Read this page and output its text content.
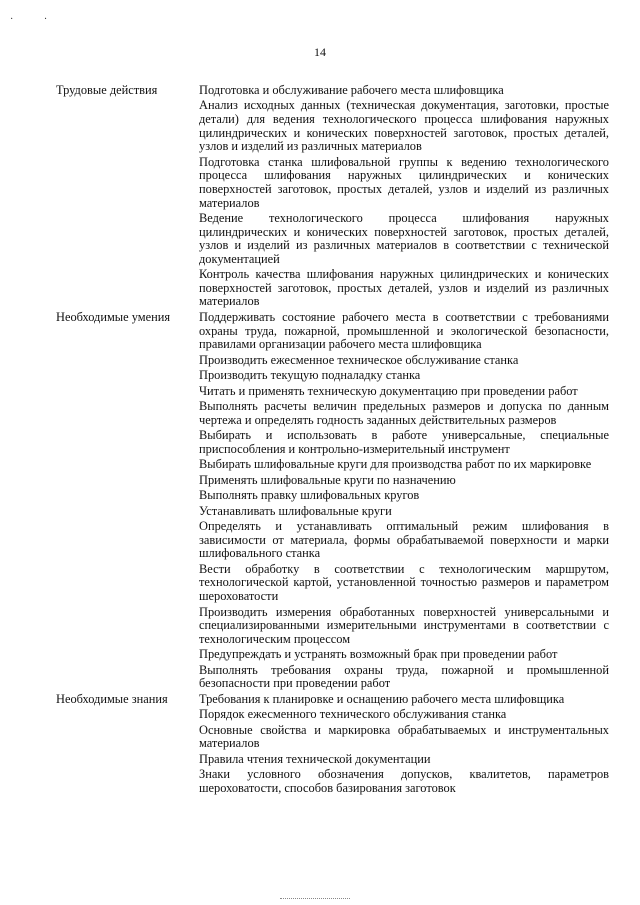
· ·
14
Трудовые действия	Подготовка и обслуживание рабочего места шлифовщика
Анализ исходных данных (техническая документация, заготовки, простые детали) для ведения технологического процесса шлифования наружных цилиндрических и конических поверхностей заготовок, простых деталей, узлов и изделий из различных материалов
Подготовка станка шлифовальной группы к ведению технологического процесса шлифования наружных цилиндрических и конических поверхностей заготовок, простых деталей, узлов и изделий из различных материалов
Ведение технологического процесса шлифования наружных цилиндрических и конических поверхностей заготовок, простых деталей, узлов и изделий из различных материалов в соответствии с технической документацией
Контроль качества шлифования наружных цилиндрических и конических поверхностей заготовок, простых деталей, узлов и изделий из различных материалов
Необходимые умения	Поддерживать состояние рабочего места в соответствии с требованиями охраны труда, пожарной, промышленной и экологической безопасности, правилами организации рабочего места шлифовщика
Производить ежесменное техническое обслуживание станка
Производить текущую подналадку станка
Читать и применять техническую документацию при проведении работ
Выполнять расчеты величин предельных размеров и допуска по данным чертежа и определять годность заданных действительных размеров
Выбирать и использовать в работе универсальные, специальные приспособления и контрольно-измерительный инструмент
Выбирать шлифовальные круги для производства работ по их маркировке
Применять шлифовальные круги по назначению
Выполнять правку шлифовальных кругов
Устанавливать шлифовальные круги
Определять и устанавливать оптимальный режим шлифования в зависимости от материала, формы обрабатываемой поверхности и марки шлифовального станка
Вести обработку в соответствии с технологическим маршрутом, технологической картой, установленной точностью размеров и параметром шероховатости
Производить измерения обработанных поверхностей универсальными и специализированными измерительными инструментами в соответствии с технологическим процессом
Предупреждать и устранять возможный брак при проведении работ
Выполнять требования охраны труда, пожарной и промышленной безопасности при проведении работ
Необходимые знания	Требования к планировке и оснащению рабочего места шлифовщика
Порядок ежесменного технического обслуживания станка
Основные свойства и маркировка обрабатываемых и инструментальных материалов
Правила чтения технической документации
Знаки условного обозначения допусков, квалитетов, параметров шероховатости, способов базирования заготовок
